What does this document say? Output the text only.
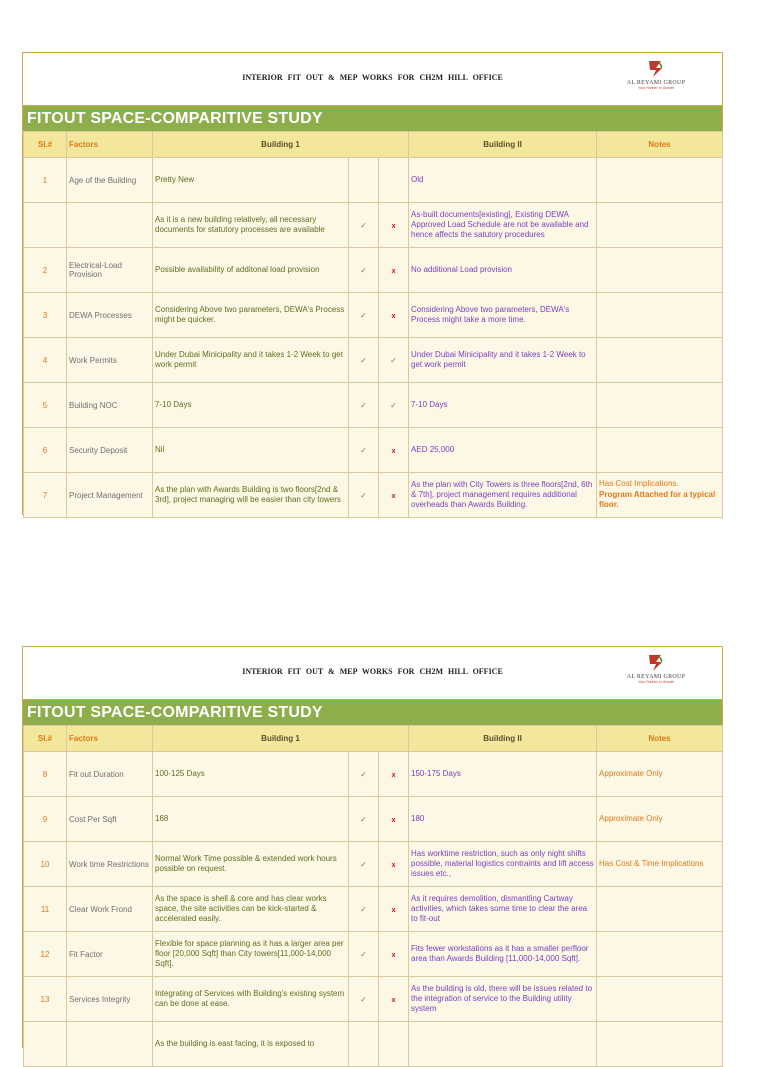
INTERIOR FIT OUT & MEP WORKS FOR CH2M HILL OFFICE
AL REYAMI GROUP
Your Partner In Growth
FITOUT SPACE-COMPARITIVE STUDY
Sl.#	Factors	Building 1			Building II	Notes
1	Age of the Building	Pretty New			Old	

		As it is a new building relatively, all necessary documents for statutory processes are available	✓	x	As-built documents[existing], Existing DEWA Approved Load Schedule are not be available and hence affects the satutory procedures	

2	Electrical-Load Provision	Possible availability of additonal load provision	✓	x	No additional Load provision	

3	DEWA Processes	Considering Above two parameters, DEWA's Process might be quicker.	✓	x	Considering Above two parameters, DEWA's Process might take a more time.	

4	Work Permits	Under Dubai Minicipality and it takes 1-2 Week to get work permit	✓	✓	Under Dubai Minicipality and it takes 1-2 Week to get work permit	

5	Building NOC	7-10 Days	✓	✓	7-10 Days	

6	Security Deposit	Nil	✓	x	AED 25,000	

7	Project Management	As the plan with Awards Building is two floors[2nd & 3rd], project managing will be easier than city towers	✓	x	As the plan with City Towers is three floors[2nd, 6th & 7th], project management requires additional overheads than Awards Building.	Has Cost Implications.
Program Attached for a typical floor.
INTERIOR FIT OUT & MEP WORKS FOR CH2M HILL OFFICE
AL REYAMI GROUP
Your Partner In Growth
FITOUT SPACE-COMPARITIVE STUDY
Sl.#	Factors	Building 1			Building II	Notes
8	Fit out Duration	100-125 Days	✓	x	150-175 Days	Approximate Only

9	Cost Per Sqft	168	✓	x	180	Approximate Only

10	Work time Restrictions	Normal Work Time possible & extended work hours possible on request.	✓	x	Has worktime restriction, such as only night shifts possible, material logistics contraints and lift access issues etc.,	Has Cost & Time Implications

11	Clear Work Frond	As the space is shell & core and has clear works space, the site activities can be kick-started & accelerated easily.	✓	x	As it requires demolition, dismantling Cartway activities, which takes some time to clear the area to fit-out	

12	Fit Factor	Flexible for space planning as it has a larger area per floor [20,000 Sqft] than City towers[11,000-14,000 Sqft].	✓	x	Fits fewer workstations as it has a smaller perfloor area than Awards Building [11,000-14,000 Sqft].	

13	Services Integrity	Integrating of Services with Building's existing system can be done at ease.	✓	x	As the building is old, there will be issues related to the integration of service to the Building utility system	

		As the building is east facing, it is exposed to				
